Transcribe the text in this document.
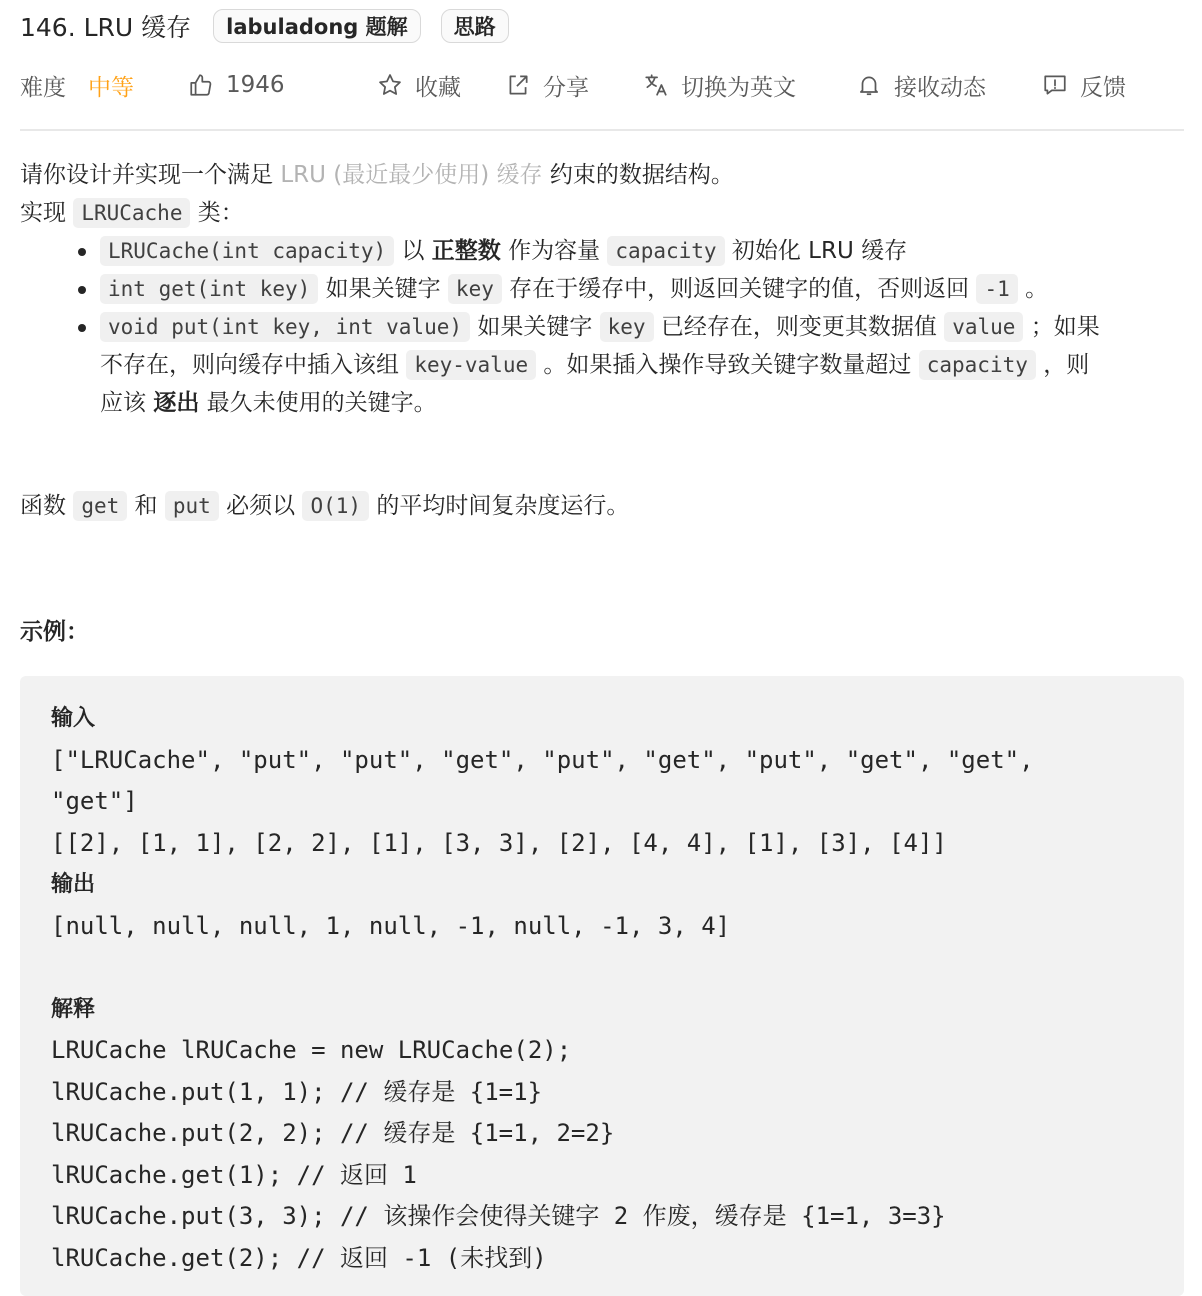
146. LRU 缓存	labuladong 题解	思路
难度 中等	1946	收藏	分享	切换为英文	接收动态	反馈

请你设计并实现一个满足 LRU (最近最少使用) 缓存 约束的数据结构。

实现 LRUCache 类：

LRUCache(int capacity) 以 正整数 作为容量 capacity 初始化 LRU 缓存
int get(int key) 如果关键字 key 存在于缓存中，则返回关键字的值，否则返回 -1 。
void put(int key, int value) 如果关键字 key 已经存在，则变更其数据值 value ；如果不存在，则向缓存中插入该组 key-value 。如果插入操作导致关键字数量超过 capacity ，则应该 逐出 最久未使用的关键字。
函数 get 和 put 必须以 O(1) 的平均时间复杂度运行。
示例：
输入
["LRUCache", "put", "put", "get", "put", "get", "put", "get", "get",
"get"]
[[2], [1, 1], [2, 2], [1], [3, 3], [2], [4, 4], [1], [3], [4]]
输出
[null, null, null, 1, null, -1, null, -1, 3, 4]
解释
LRUCache lRUCache = new LRUCache(2);
lRUCache.put(1, 1); // 缓存是 {1=1}
lRUCache.put(2, 2); // 缓存是 {1=1, 2=2}
lRUCache.get(1); // 返回 1
lRUCache.put(3, 3); // 该操作会使得关键字 2 作废，缓存是 {1=1, 3=3}
lRUCache.get(2); // 返回 -1 (未找到)
